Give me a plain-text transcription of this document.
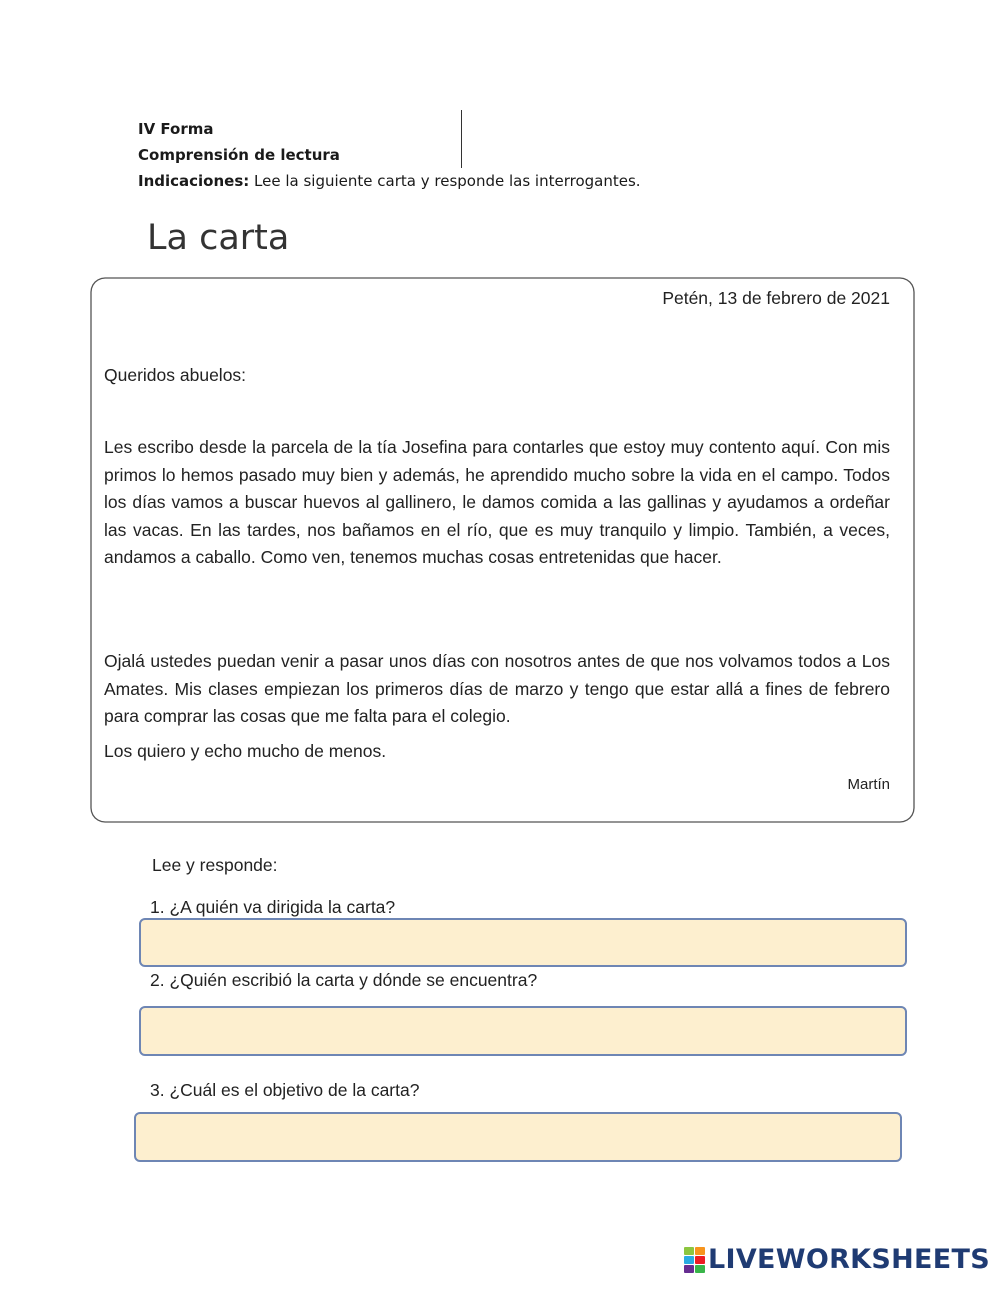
IV Forma
Comprensión de lectura
Indicaciones: Lee la siguiente carta y responde las interrogantes.
La carta
Petén, 13 de febrero de 2021
Queridos abuelos:
Les escribo desde la parcela de la tía Josefina para contarles que estoy muy contento aquí. Con mis primos lo hemos pasado muy bien y además, he aprendido mucho sobre la vida en el campo. Todos los días vamos a buscar huevos al gallinero, le damos comida a las gallinas y ayudamos a ordeñar las vacas. En las tardes, nos bañamos en el río, que es muy tranquilo y limpio. También, a veces, andamos a caballo. Como ven, tenemos muchas cosas entretenidas que hacer.
Ojalá ustedes puedan venir a pasar unos días con nosotros antes de que nos volvamos todos a Los Amates. Mis clases empiezan los primeros días de marzo y tengo que estar allá a fines de febrero para comprar las cosas que me falta para el colegio.
Los quiero y echo mucho de menos.
Martín
Lee y responde:
1. ¿A quién va dirigida la carta?
2. ¿Quién escribió la carta y dónde se encuentra?
3. ¿Cuál es el objetivo de la carta?
LIVEWORKSHEETS
